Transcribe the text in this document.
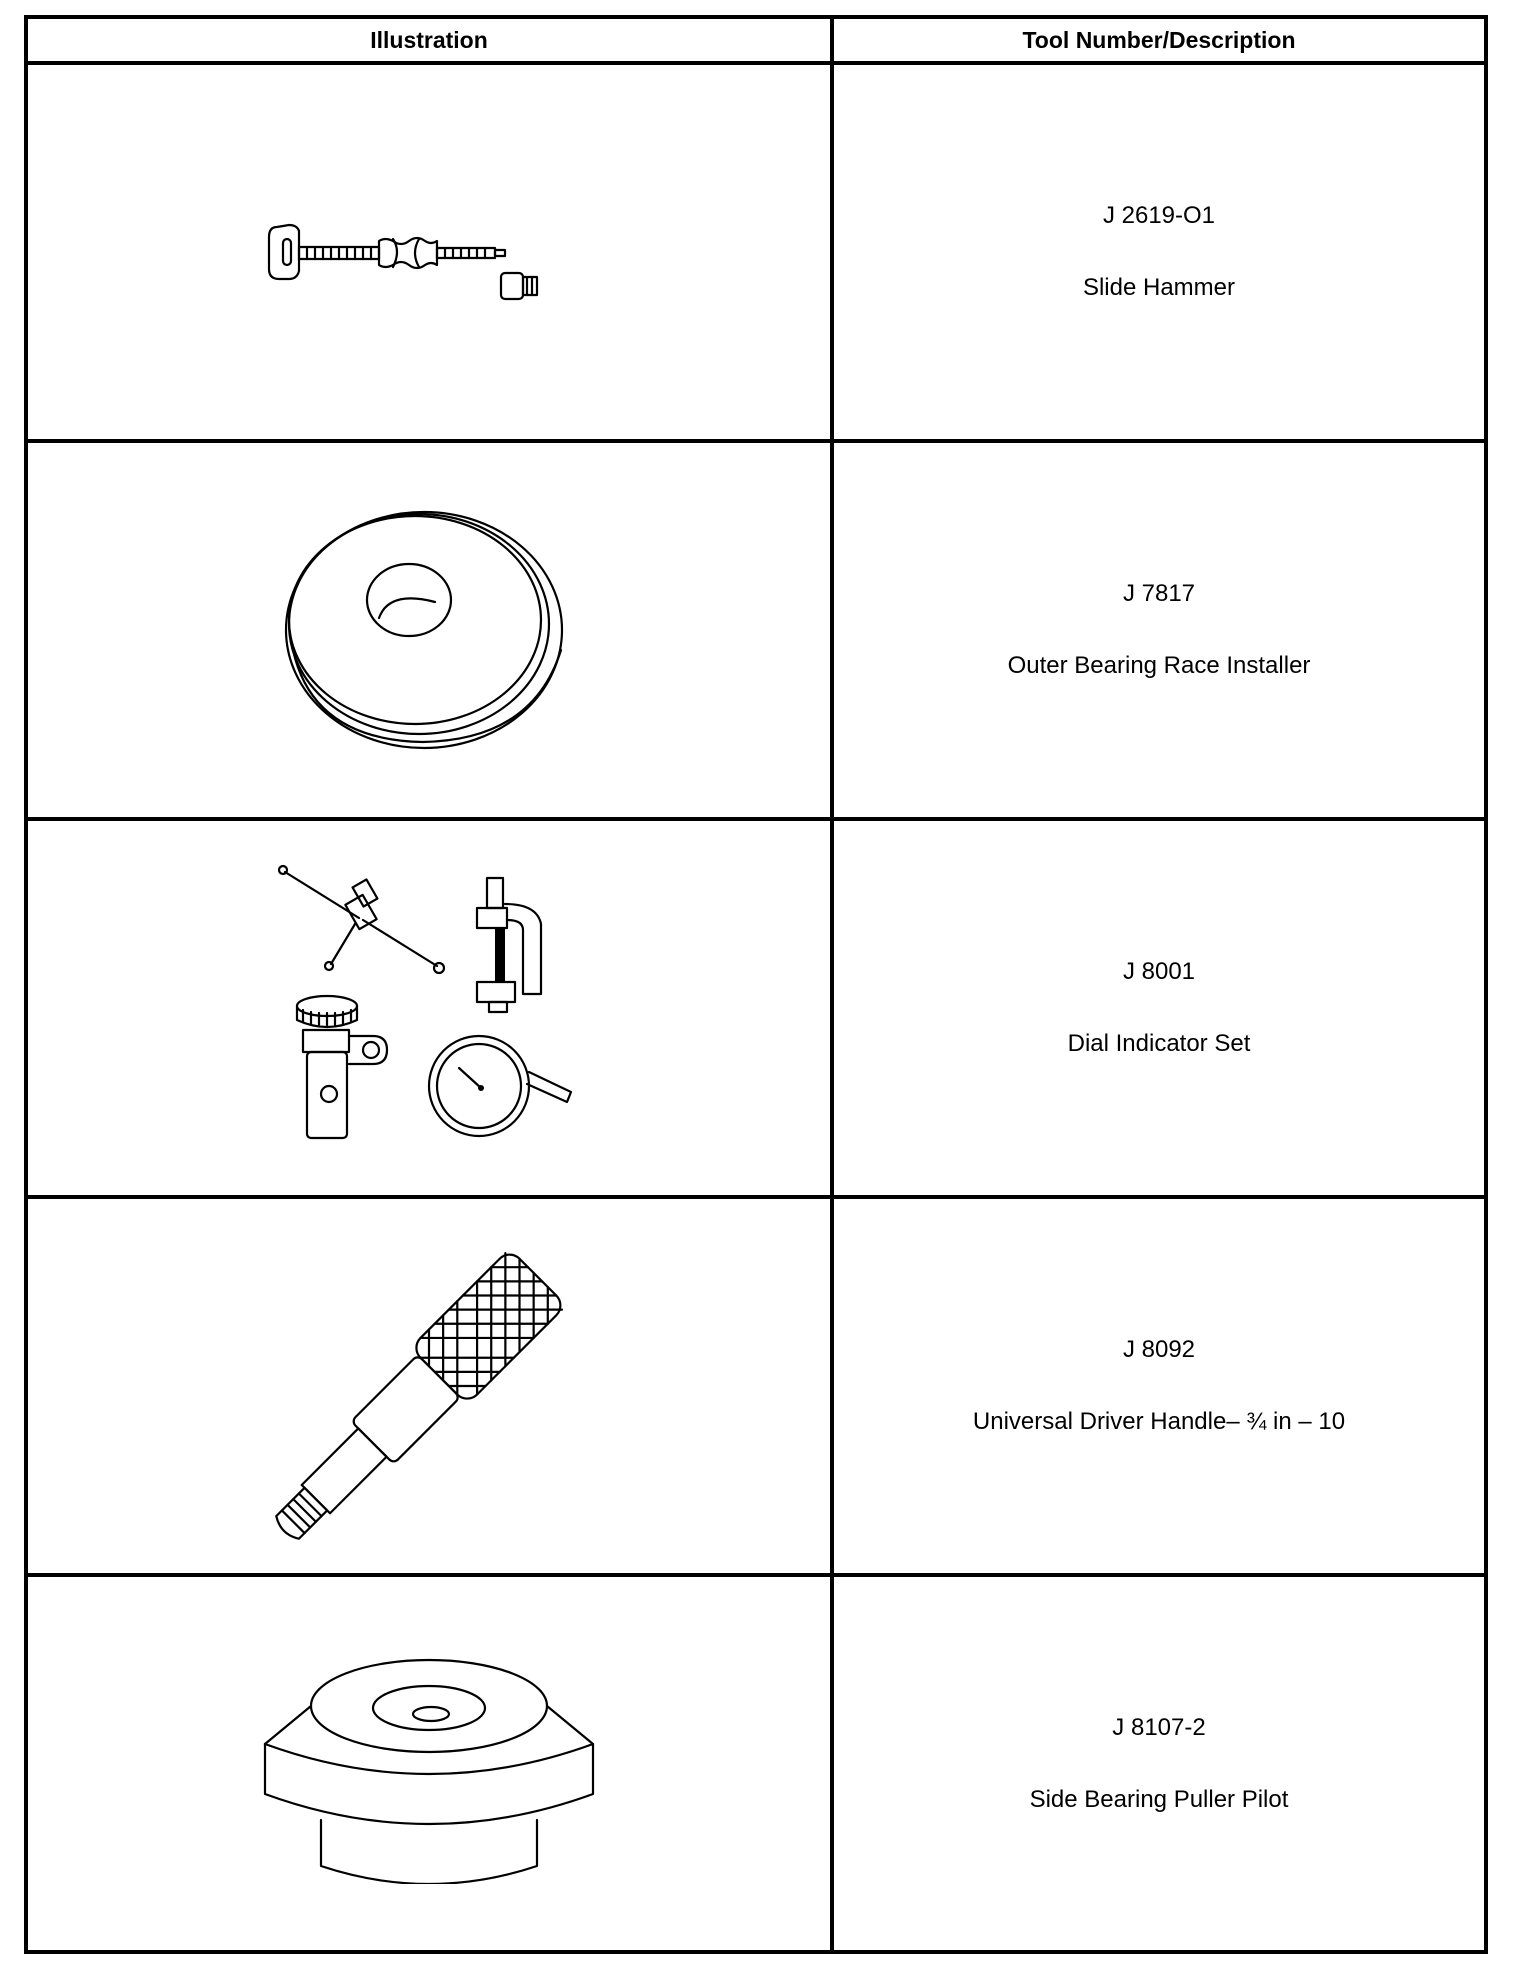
Illustration	Tool Number/Description
J 2619-O1
Slide Hammer
J 7817
Outer Bearing Race Installer
J 8001
Dial Indicator Set
J 8092
Universal Driver Handle– ¾ in – 10
J 8107-2
Side Bearing Puller Pilot
